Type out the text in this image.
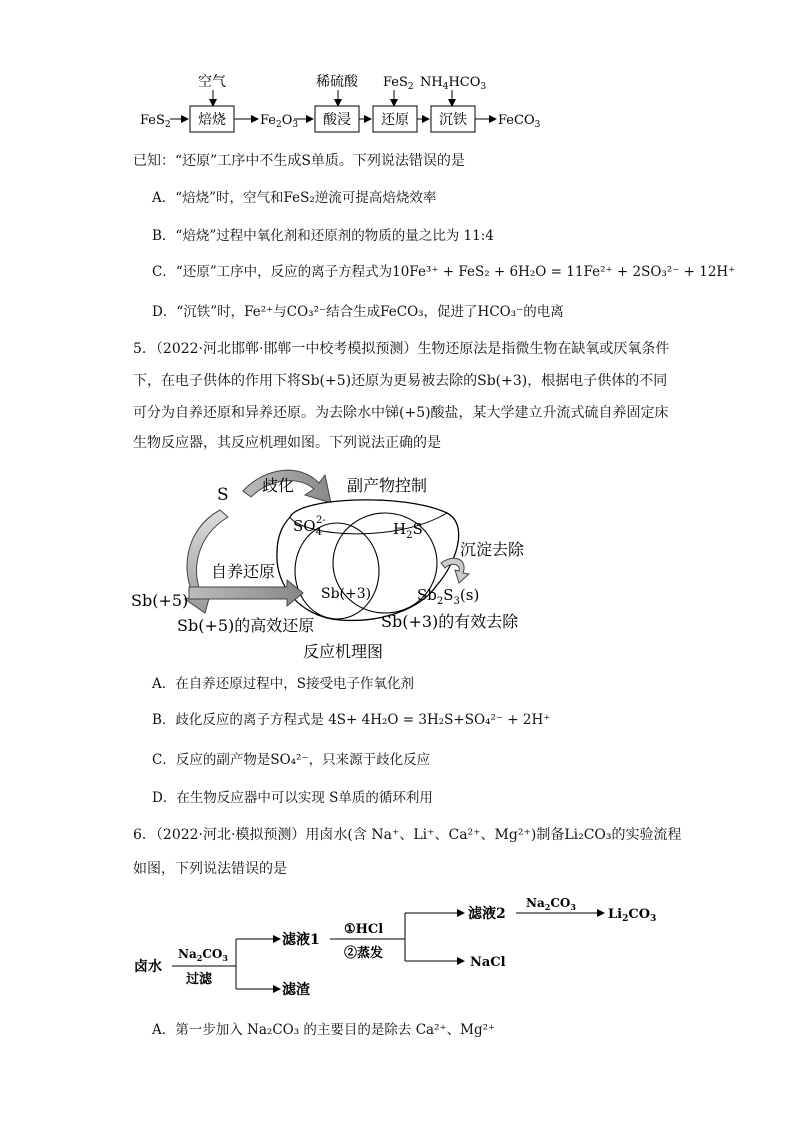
空气	稀硫酸 FeS$_2$ $NH_4HCO_3$
FeS$_2$ 焙烧	$Fe_2O_3$ 酸浸 还原 沉铁 FeCO$_3$
已知：“还原”工序中不生成S单质。下列说法错误的是
A．“焙烧”时，空气和FeS₂逆流可提高焙烧效率
B．“焙烧”过程中氧化剂和还原剂的物质的量之比为 11:4
C．“还原”工序中，反应的离子方程式为10Fe³⁺ + FeS₂ + 6H₂O = 11Fe²⁺ + 2SO₃²⁻ + 12H⁺
D．“沉铁”时，Fe²⁺与CO₃²⁻结合生成FeCO₃，促进了HCO₃⁻的电离
5．（2022·河北邯郸·邯郸一中校考模拟预测）生物还原法是指微生物在缺氧或厌氧条件
下，在电子供体的作用下将Sb(+5)还原为更易被去除的Sb(+3)，根据电子供体的不同
可分为自养还原和异养还原。为去除水中锑(+5)酸盐，某大学建立升流式硫自养固定床
生物反应器，其反应机理如图。下列说法正确的是
S 歧化	副产物控制
$SO_42-$	$H_2S$
Sb(+3)
沉淀去除
$Sb_2S_3(s)$
自养还原
Sb(+5)
Sb(+5)的高效还原	Sb(+3)的有效去除
反应机理图
A．在自养还原过程中，S接受电子作氧化剂
B．歧化反应的离子方程式是 4S+ 4H₂O = 3H₂S+SO₄²⁻ + 2H⁺
C．反应的副产物是SO₄²⁻，只来源于歧化反应
D．在生物反应器中可以实现 S单质的循环利用
6．（2022·河北·模拟预测）用卤水(含 Na⁺、Li⁺、Ca²⁺、Mg²⁺)制备Li₂CO₃的实验流程
如图，下列说法错误的是
卤水
$Na_2CO_3$
过滤
滤液1
滤渣
①HCl
②蒸发
滤液2
NaCl
$Na_2CO_3$ $Li_2CO_3$
A．第一步加入 Na₂CO₃ 的主要目的是除去 Ca²⁺、Mg²⁺
